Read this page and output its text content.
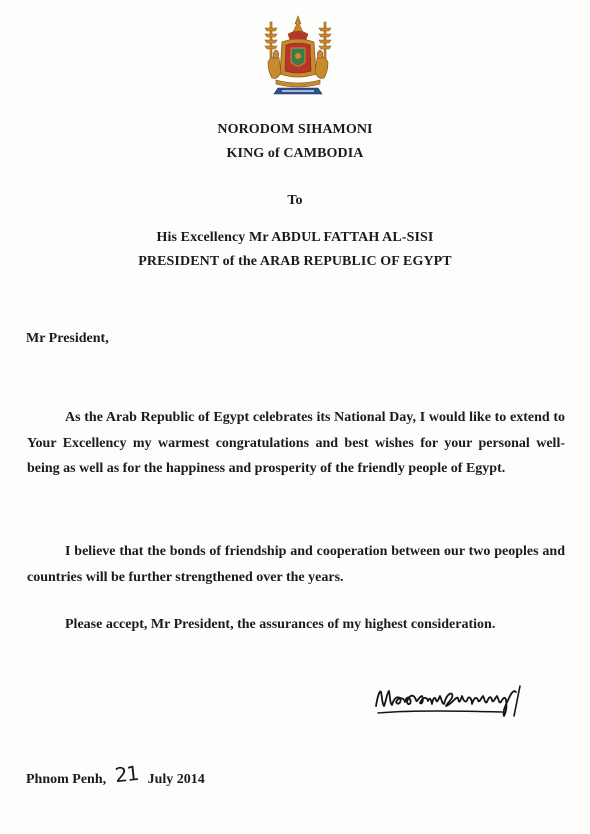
NORODOM SIHAMONI
KING of CAMBODIA
To
His Excellency Mr ABDUL FATTAH AL-SISI
PRESIDENT of the ARAB REPUBLIC OF EGYPT
Mr President,

As the Arab Republic of Egypt celebrates its National Day, I would like to extend to Your Excellency my warmest congratulations and best wishes for your personal well-being as well as for the happiness and prosperity of the friendly people of Egypt.

I believe that the bonds of friendship and cooperation between our two peoples and countries will be further strengthened over the years.

Please accept, Mr President, the assurances of my highest consideration.

Phnom Penh, 21 July 2014
